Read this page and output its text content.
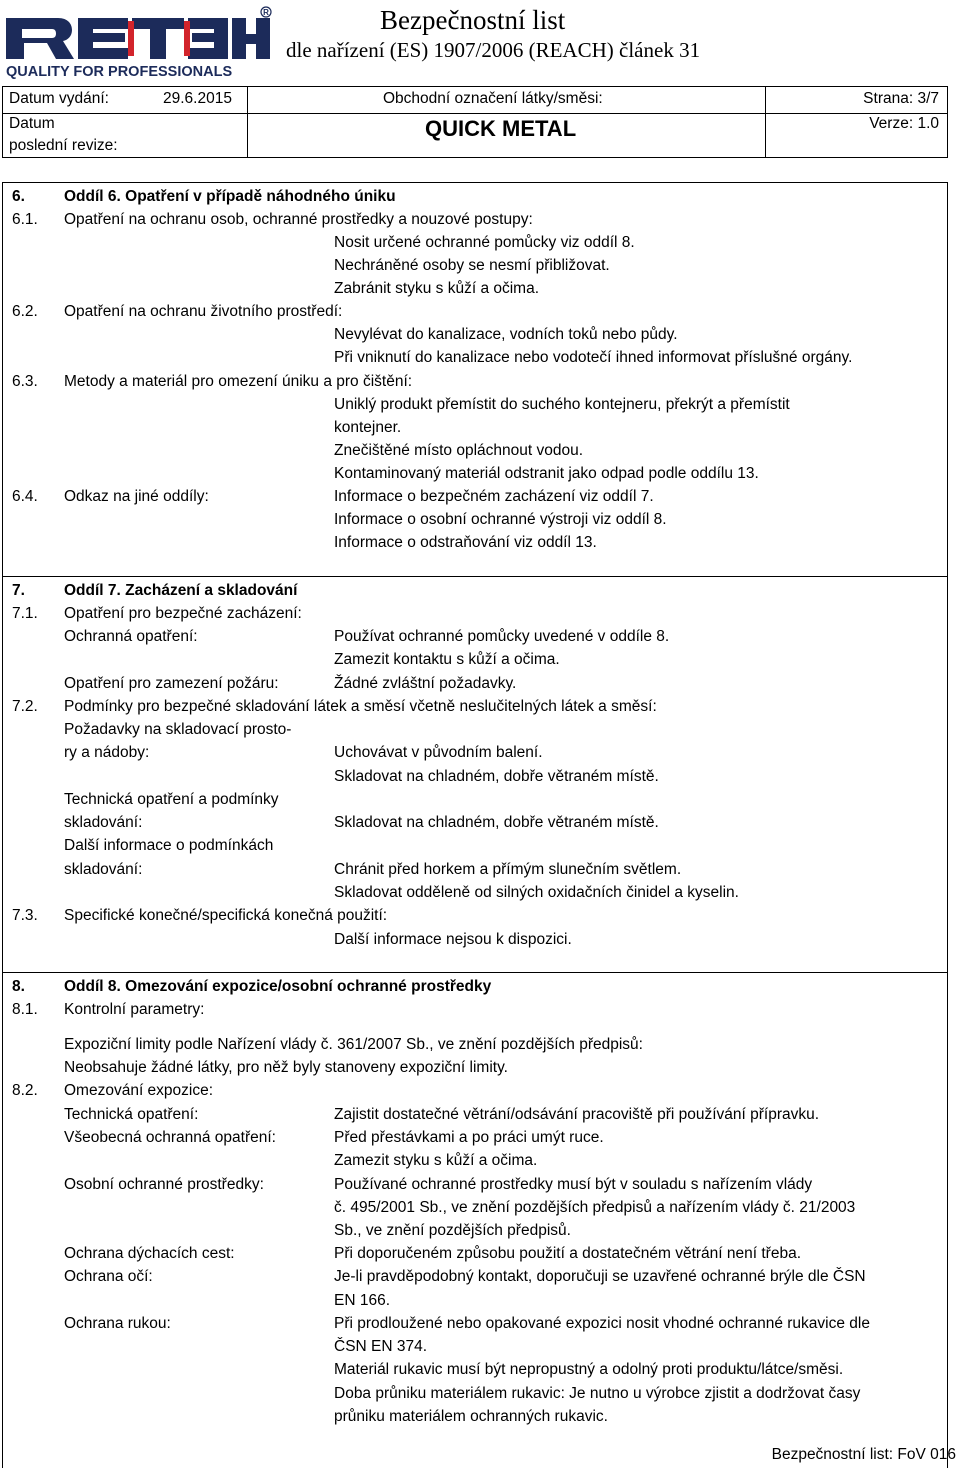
R
QUALITY FOR PROFESSIONALS
Bezpečnostní list
dle nařízení (ES) 1907/2006 (REACH) článek 31
Datum vydání:	29.6.2015	Obchodní označení látky/směsi:	Strana: 3/7
Datum
poslední revize:
QUICK METAL	Verze: 1.0
6.	Oddíl 6. Opatření v případě náhodného úniku
6.1. Opatření na ochranu osob, ochranné prostředky a nouzové postupy:
Nosit určené ochranné pomůcky viz oddíl 8.
Nechráněné osoby se nesmí přibližovat.
Zabránit styku s kůží a očima.
6.2. Opatření na ochranu životního prostředí:
Nevylévat do kanalizace, vodních toků nebo půdy.
Při vniknutí do kanalizace nebo vodotečí ihned informovat příslušné orgány.
6.3. Metody a materiál pro omezení úniku a pro čištění:
Uniklý produkt přemístit do suchého kontejneru, překrýt a přemístit
kontejner.
Znečištěné místo opláchnout vodou.
Kontaminovaný materiál odstranit jako odpad podle oddílu 13.
6.4. Odkaz na jiné oddíly:	Informace o bezpečném zacházení viz oddíl 7.
Informace o osobní ochranné výstroji viz oddíl 8.
Informace o odstraňování viz oddíl 13.
7.	Oddíl 7. Zacházení a skladování
7.1. Opatření pro bezpečné zacházení:
Ochranná opatření:	Používat ochranné pomůcky uvedené v oddíle 8.
Zamezit kontaktu s kůží a očima.
Opatření pro zamezení požáru:	Žádné zvláštní požadavky.
7.2. Podmínky pro bezpečné skladování látek a směsí včetně neslučitelných látek a směsí:
Požadavky na skladovací prosto-
ry a nádoby:	Uchovávat v původním balení.
Skladovat na chladném, dobře větraném místě.
Technická opatření a podmínky
skladování:	Skladovat na chladném, dobře větraném místě.
Další informace o podmínkách
skladování:	Chránit před horkem a přímým slunečním světlem.
Skladovat odděleně od silných oxidačních činidel a kyselin.
7.3. Specifické konečné/specifická konečná použití:
Další informace nejsou k dispozici.
8.	Oddíl 8. Omezování expozice/osobní ochranné prostředky
8.1. Kontrolní parametry:
Expoziční limity podle Nařízení vlády č. 361/2007 Sb., ve znění pozdějších předpisů:
Neobsahuje žádné látky, pro něž byly stanoveny expoziční limity.
8.2. Omezování expozice:
Technická opatření:	Zajistit dostatečné větrání/odsávání pracoviště při používání přípravku.
Všeobecná ochranná opatření:	Před přestávkami a po práci umýt ruce.
Zamezit styku s kůží a očima.
Osobní ochranné prostředky:	Používané ochranné prostředky musí být v souladu s nařízením vlády
č. 495/2001 Sb., ve znění pozdějších předpisů a nařízením vlády č. 21/2003
Sb., ve znění pozdějších předpisů.
Ochrana dýchacích cest:	Při doporučeném způsobu použití a dostatečném větrání není třeba.
Ochrana očí:	Je-li pravděpodobný kontakt, doporučuji se uzavřené ochranné brýle dle ČSN
EN 166.
Ochrana rukou:	Při prodloužené nebo opakované expozici nosit vhodné ochranné rukavice dle
ČSN EN 374.
Materiál rukavic musí být nepropustný a odolný proti produktu/látce/směsi.
Doba průniku materiálem rukavic: Je nutno u výrobce zjistit a dodržovat časy
průniku materiálem ochranných rukavic.
Bezpečnostní list: FoV 016
